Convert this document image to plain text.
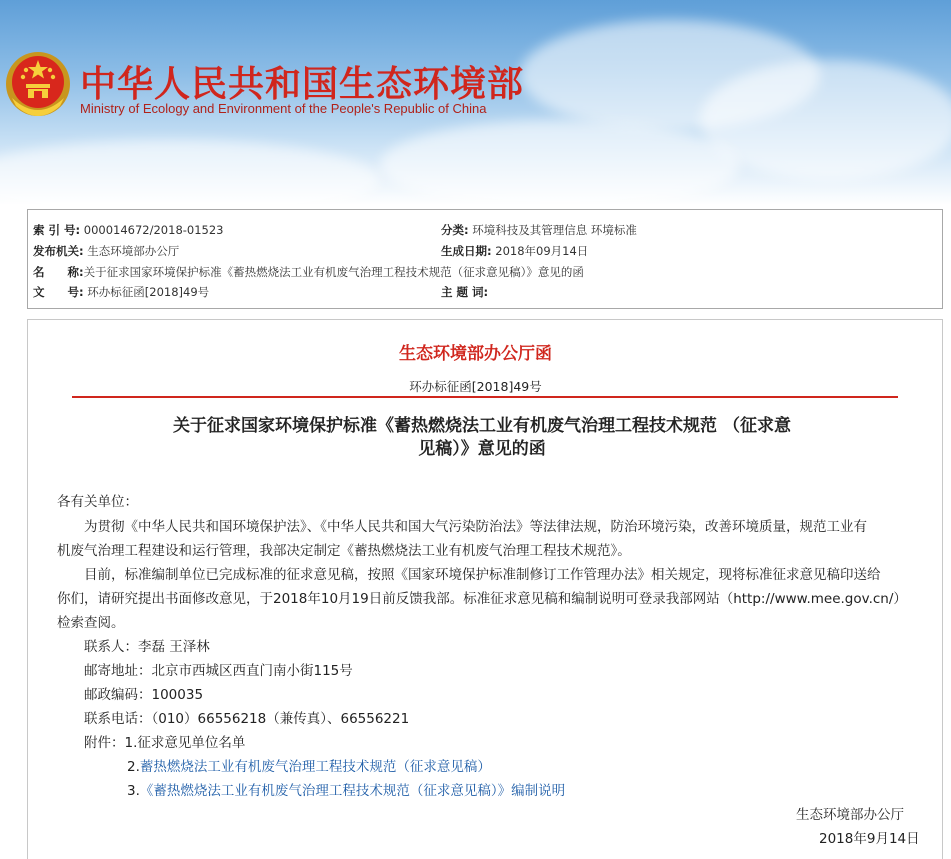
中华人民共和国生态环境部
Ministry of Ecology and Environment of the People's Republic of China
索 引 号: 000014672/2018-01523	分类: 环境科技及其管理信息 环境标准
发布机关: 生态环境部办公厅	生成日期: 2018年09月14日
名　　称:关于征求国家环境保护标准《蓄热燃烧法工业有机废气治理工程技术规范（征求意见稿）》意见的函
文　　号: 环办标征函[2018]49号	主 题 词:
生态环境部办公厅函
环办标征函[2018]49号
关于征求国家环境保护标准《蓄热燃烧法工业有机废气治理工程技术规范 （征求意
见稿）》意见的函
各有关单位：
为贯彻《中华人民共和国环境保护法》、《中华人民共和国大气污染防治法》等法律法规，防治环境污染，改善环境质量，规范工业有
机废气治理工程建设和运行管理，我部决定制定《蓄热燃烧法工业有机废气治理工程技术规范》。
目前，标准编制单位已完成标准的征求意见稿，按照《国家环境保护标准制修订工作管理办法》相关规定，现将标准征求意见稿印送给
你们，请研究提出书面修改意见，于2018年10月19日前反馈我部。标准征求意见稿和编制说明可登录我部网站（http://www.mee.gov.cn/）
检索查阅。
联系人：李磊 王泽林
邮寄地址：北京市西城区西直门南小街115号
邮政编码：100035
联系电话：（010）66556218（兼传真）、66556221
附件：1.征求意见单位名单
2.蓄热燃烧法工业有机废气治理工程技术规范（征求意见稿）
3.《蓄热燃烧法工业有机废气治理工程技术规范（征求意见稿）》编制说明
生态环境部办公厅
2018年9月14日
